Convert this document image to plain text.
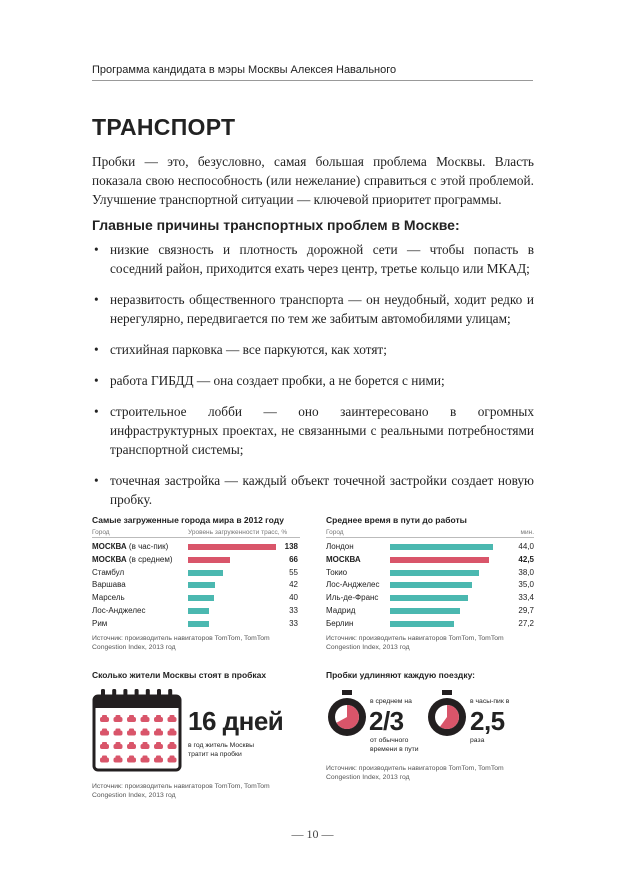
Программа кандидата в мэры Москвы Алексея Навального
ТРАНСПОРТ
Пробки — это, безусловно, самая большая проблема Москвы. Власть показала свою неспособность (или нежелание) справиться с этой проблемой. Улучшение транспортной ситуации — ключевой приоритет программы.
Главные причины транспортных проблем в Москве:
• низкие связность и плотность дорожной сети — чтобы попасть в соседний район, приходится ехать через центр, третье кольцо или МКАД;
• неразвитость общественного транспорта — он неудобный, ходит редко и нерегулярно, передвигается по тем же забитым автомобилями улицам;
• стихийная парковка — все паркуются, как хотят;
• работа ГИБДД — она создает пробки, а не борется с ними;
• строительное лобби — оно заинтересовано в огромных инфраструктурных проектах, не связанными с реальными потребностями транспортной системы;
• точечная застройка — каждый объект точечной застройки создает новую пробку.
Самые загруженные города мира в 2012 году
Город	Уровень загруженности трасс, %
МОСКВА (в час-пик)	138
МОСКВА (в среднем)	66
Стамбул	55
Варшава	42
Марсель	40
Лос-Анджелес	33
Рим	33
Источник: производитель навигаторов TomTom, TomTom Congestion Index, 2013 год
Среднее время в пути до работы
Город	мин.
Лондон	44,0
МОСКВА	42,5
Токио	38,0
Лос-Анджелес	35,0
Иль-де-Франс	33,4
Мадрид	29,7
Берлин	27,2
Источник: производитель навигаторов TomTom, TomTom Congestion Index, 2013 год
Сколько жители Москвы стоят в пробках
16 дней
в год житель Москвы тратит на пробки
Источник: производитель навигаторов TomTom, TomTom Congestion Index, 2013 год
Пробки удлиняют каждую поездку:
в среднем на
2/3
от обычного времени в пути
в часы-пик в
2,5
раза
Источник: производитель навигаторов TomTom, TomTom Congestion Index, 2013 год
— 10 —
